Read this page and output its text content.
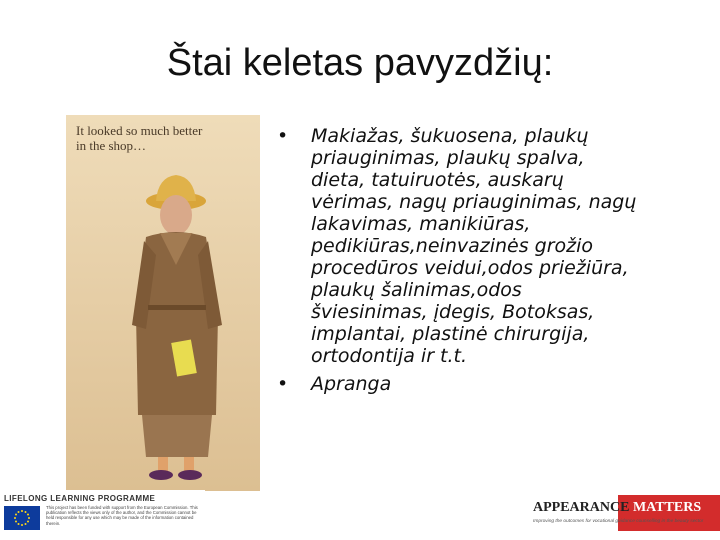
Štai keletas pavyzdžių:
It looked so much better
in the shop…	•	Makiažas, šukuosena, plaukų
priauginimas, plaukų spalva,
dieta, tatuiruotės, auskarų
vėrimas, nagų priauginimas, nagų
lakavimas, manikiūras,
pedikiūras,neinvazinės grožio
procedūros veidui,odos priežiūra,
plaukų šalinimas,odos
šviesinimas, įdegis, Botoksas,
implantai, plastinė chirurgija,
ortodontija ir t.t.
•	Apranga
LIFELONG LEARNING PROGRAMME
This project has been funded with support from the European Commission. This publication reflects the views only of the author, and the Commission cannot be held responsible for any use which may be made of the information contained therein.
APPEARANCE MATTERS
Improving the outcomes for vocational guidance counselling in the beauty sector
